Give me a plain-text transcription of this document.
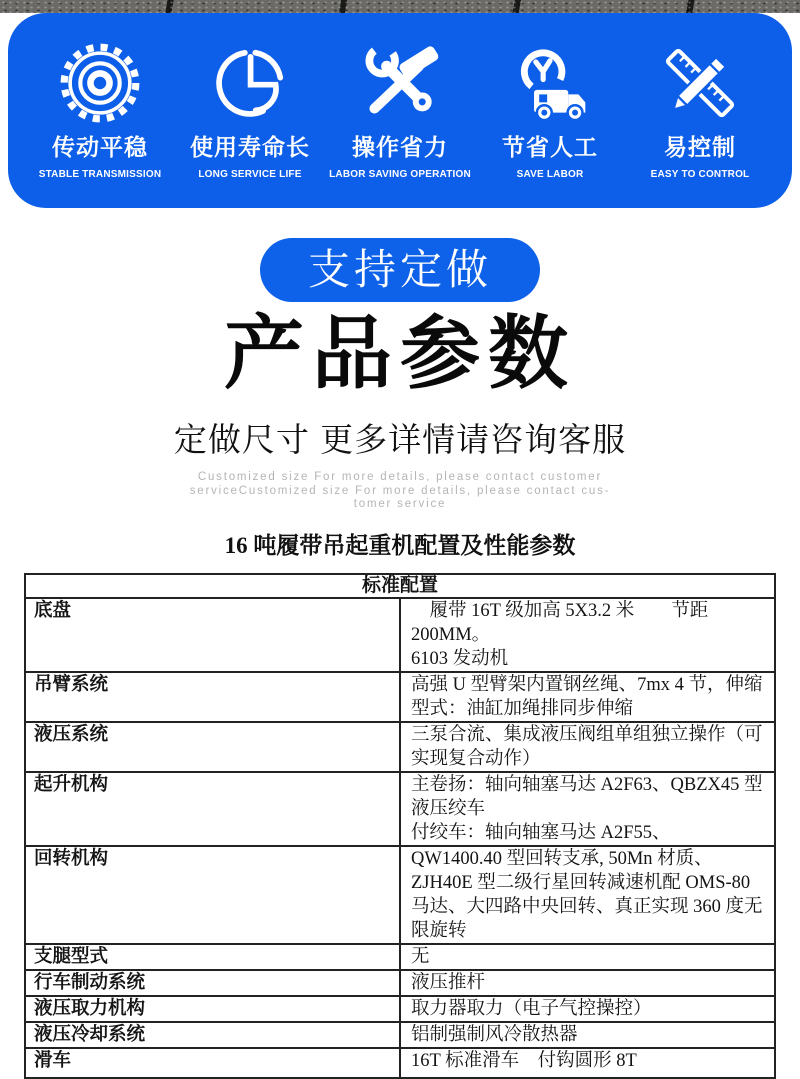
传动平稳
STABLE TRANSMISSION
使用寿命长
LONG SERVICE LIFE
操作省力
LABOR SAVING OPERATION
节省人工
SAVE LABOR
易控制
EASY TO CONTROL
支持定做
产品参数
定做尺寸 更多详情请咨询客服

Customized size For more details, please contact customer
serviceCustomized size For more details, please contact cus-
tomer service

16 吨履带吊起重机配置及性能参数
标准配置	
底盘	　履带 16T 级加高 5X3.2 米　　节距 200MM。
6103 发动机

吊臂系统	高强 U 型臂架内置钢丝绳、7mx 4 节，伸缩型式：油缸加绳排同步伸缩

液压系统	三泵合流、集成液压阀组单组独立操作（可实现复合动作）

起升机构	主卷扬：轴向轴塞马达 A2F63、QBZX45 型液压绞车
付绞车：轴向轴塞马达 A2F55、

回转机构	QW1400.40 型回转支承, 50Mn 材质、ZJH40E 型二级行星回转减速机配 OMS-80
马达、大四路中央回转、真正实现 360 度无限旋转

支腿型式	无

行车制动系统	液压推杆

液压取力机构	取力器取力（电子气控操控）

液压冷却系统	铝制强制风冷散热器

滑车	16T 标准滑车　付钩圆形 8T
